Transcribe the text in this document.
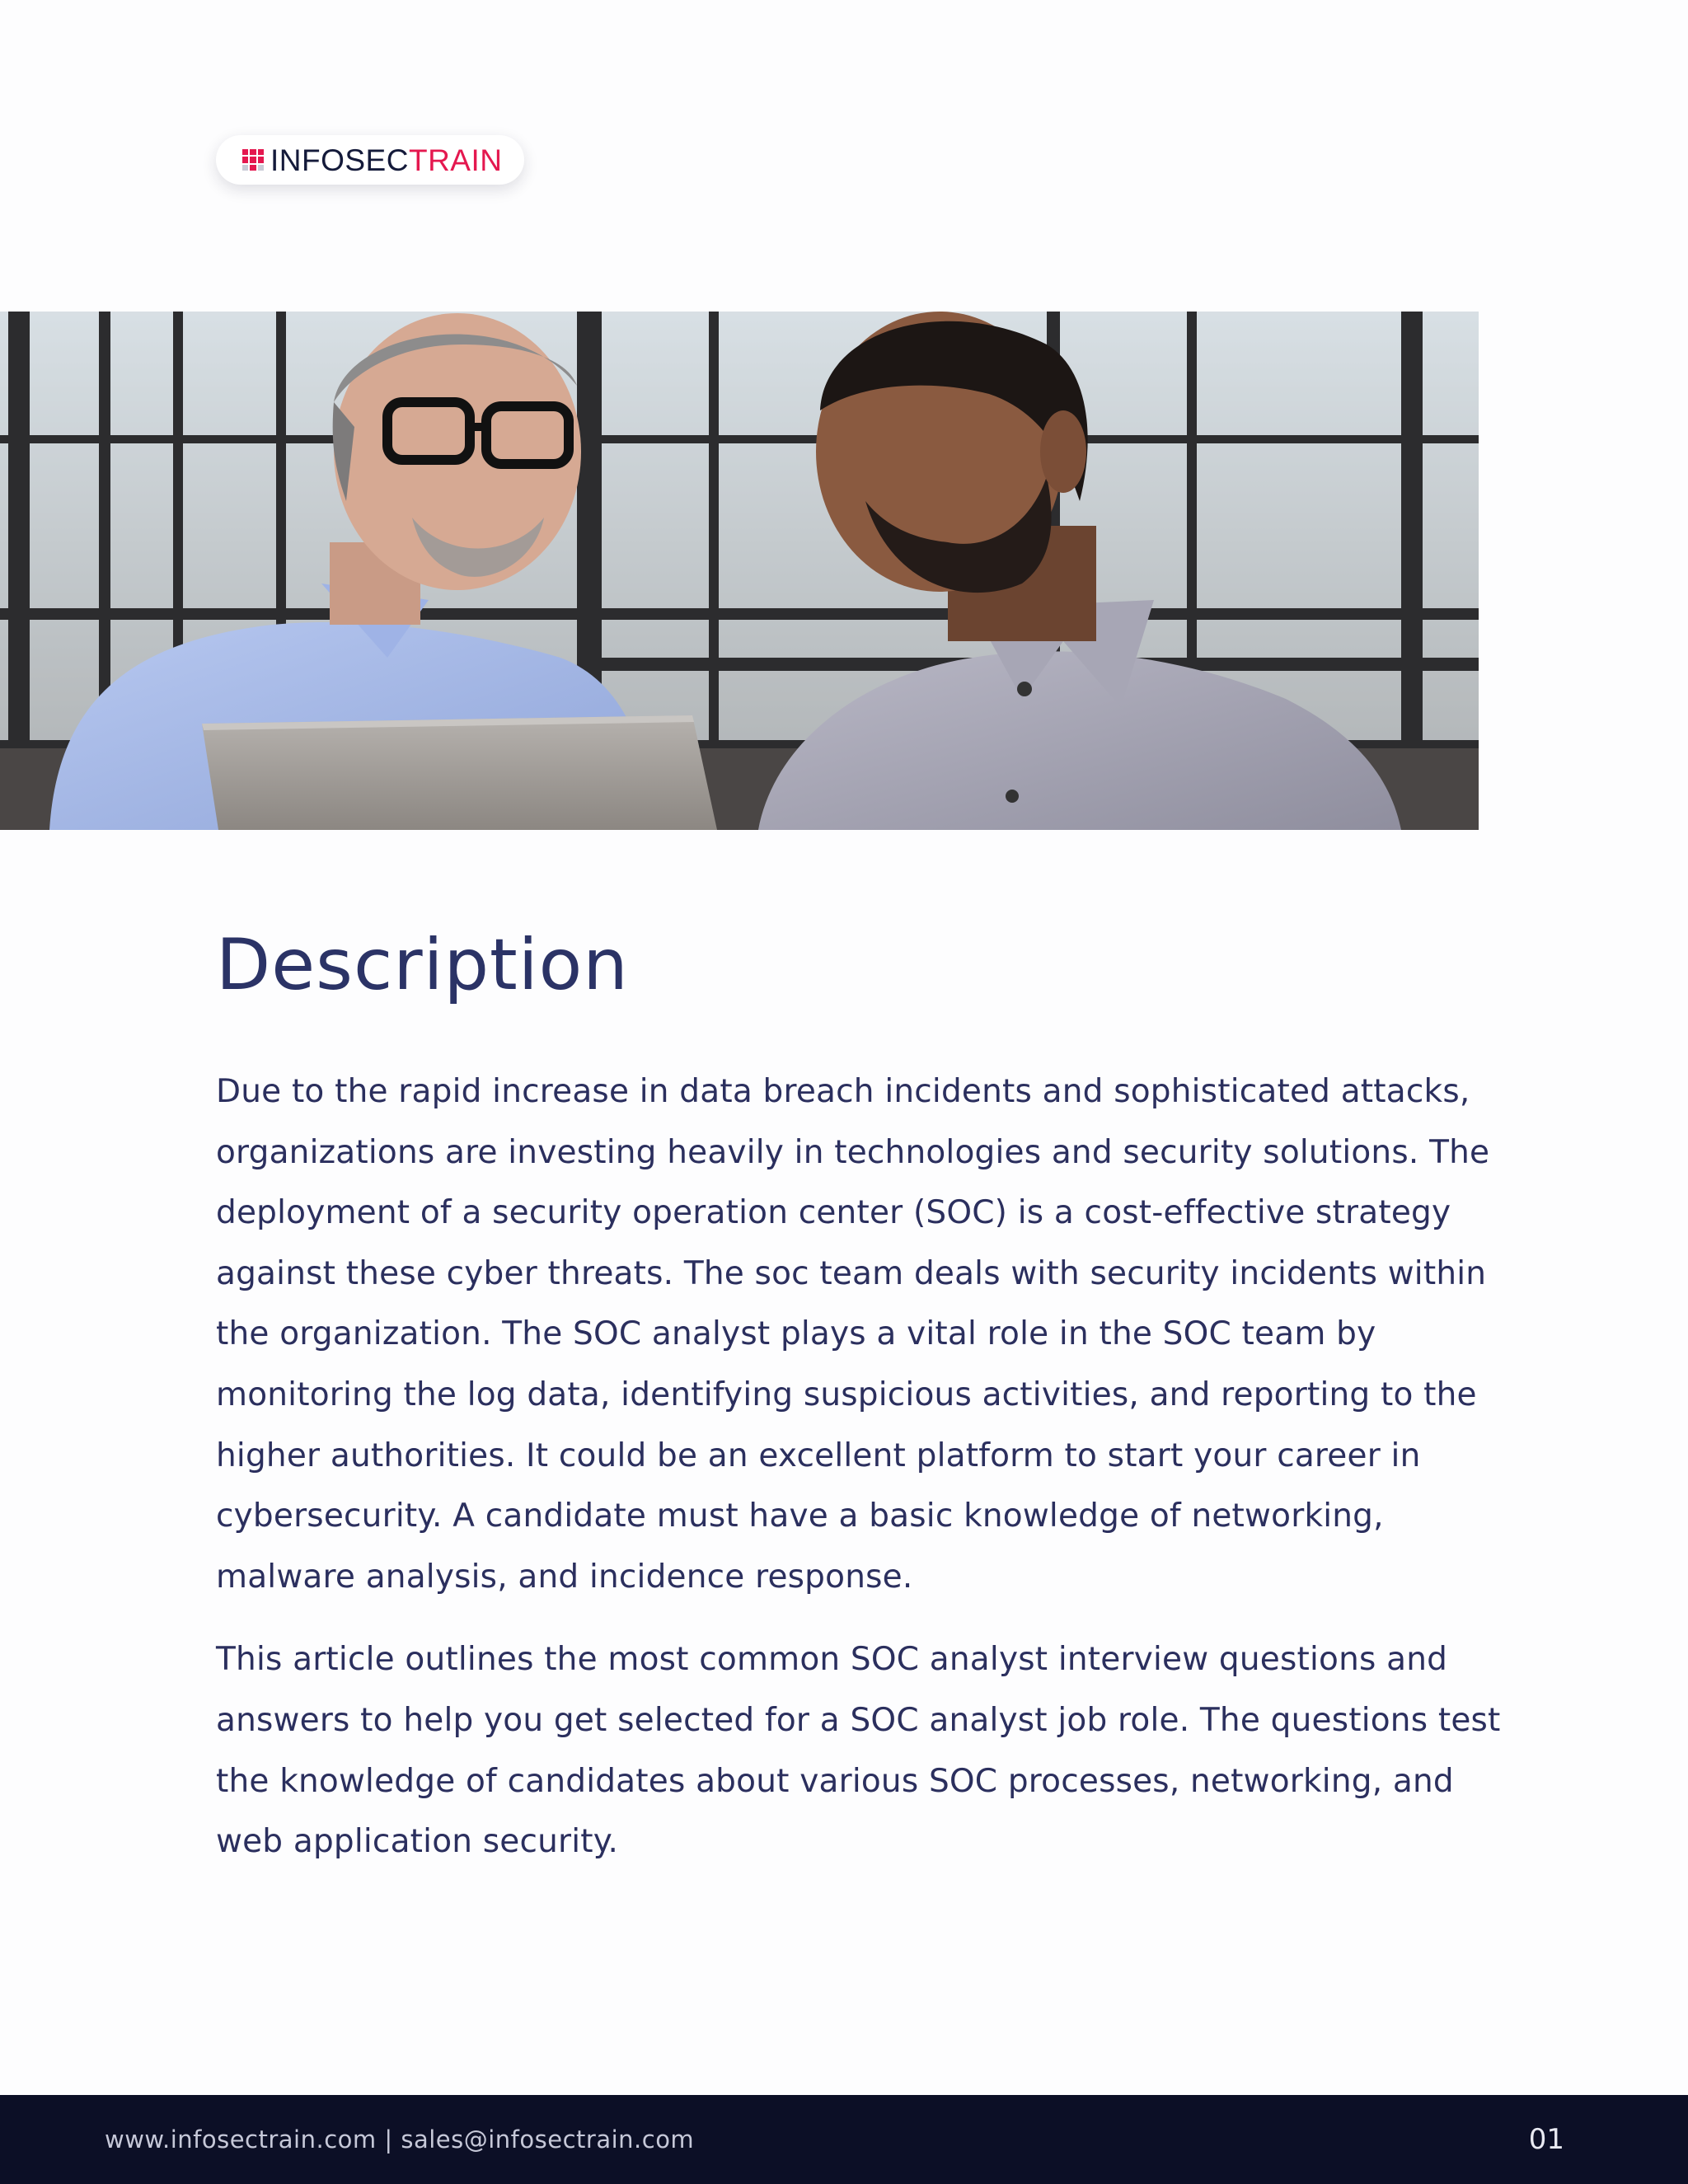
INFOSECTRAIN
Description

Due to the rapid increase in data breach incidents and sophisticated attacks, organizations are investing heavily in technologies and security solutions. The deployment of a security operation center (SOC) is a cost-effective strategy against these cyber threats. The soc team deals with security incidents within the organization. The SOC analyst plays a vital role in the SOC team by monitoring the log data, identifying suspicious activities, and reporting to the higher authorities. It could be an excellent platform to start your career in cybersecurity. A candidate must have a basic knowledge of networking, malware analysis, and incidence response.

This article outlines the most common SOC analyst interview questions and answers to help you get selected for a SOC analyst job role. The questions test the knowledge of candidates about various SOC processes, networking, and web application security.

www.infosectrain.com | sales@infosectrain.com	01
